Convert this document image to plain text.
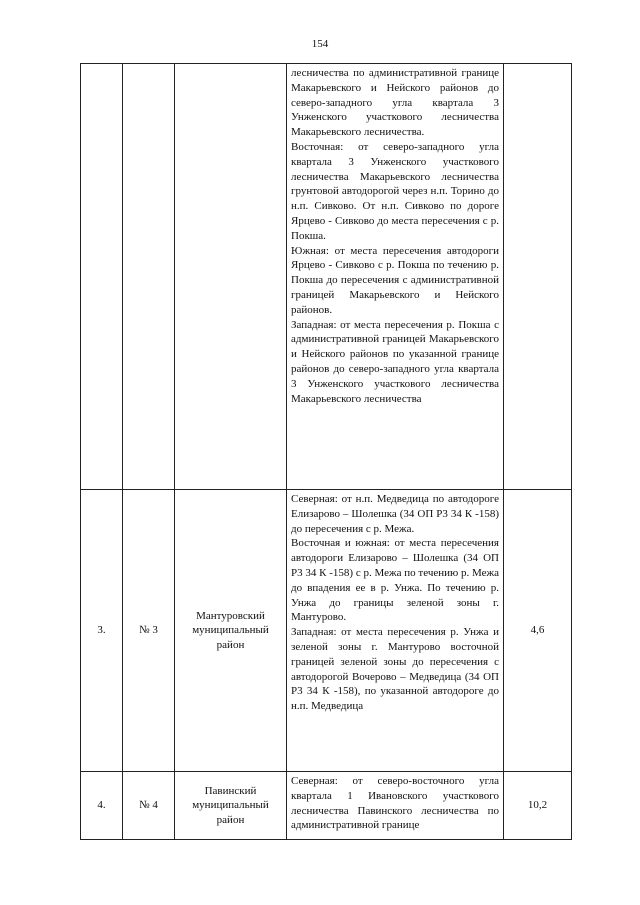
154

			лесничества по административной границе Макарьевского и Нейского районов до северо-западного угла квартала 3 Унженского участкового лесничества Макарьевского лесничества.

Восточная: от северо-западного угла квартала 3 Унженского участкового лесничества Макарьевского лесничества грунтовой автодорогой через н.п. Торино до н.п. Сивково. От н.п. Сивково по дороге Ярцево - Сивково до места пересечения с р. Покша.

Южная: от места пересечения автодороги Ярцево - Сивково с р. Покша по течению р. Покша до пересечения с административной границей Макарьевского и Нейского районов.

Западная: от места пересечения р. Покша с административной границей Макарьевского и Нейского районов по указанной границе районов до северо-западного угла квартала 3 Унженского участкового лесничества Макарьевского лесничества	

3.	№ 3	Мантуровский муниципальный район	Северная: от н.п. Медведица по автодороге Елизарово – Шолешка (34 ОП Р3 34 К -158) до пересечения с р. Межа.

Восточная и южная: от места пересечения автодороги Елизарово – Шолешка (34 ОП Р3 34 К -158) с р. Межа по течению р. Межа до впадения ее в р. Унжа. По течению р. Унжа до границы зеленой зоны г. Мантурово.

Западная: от места пересечения р. Унжа и зеленой зоны г. Мантурово восточной границей зеленой зоны до пересечения с автодорогой Вочерово – Медведица (34 ОП Р3 34 К -158), по указанной автодороге до н.п. Медведица	4,6
4.	№ 4	Павинский муниципальный район	Северная: от северо-восточного угла квартала 1 Ивановского участкового лесничества Павинского лесничества по административной границе	10,2
